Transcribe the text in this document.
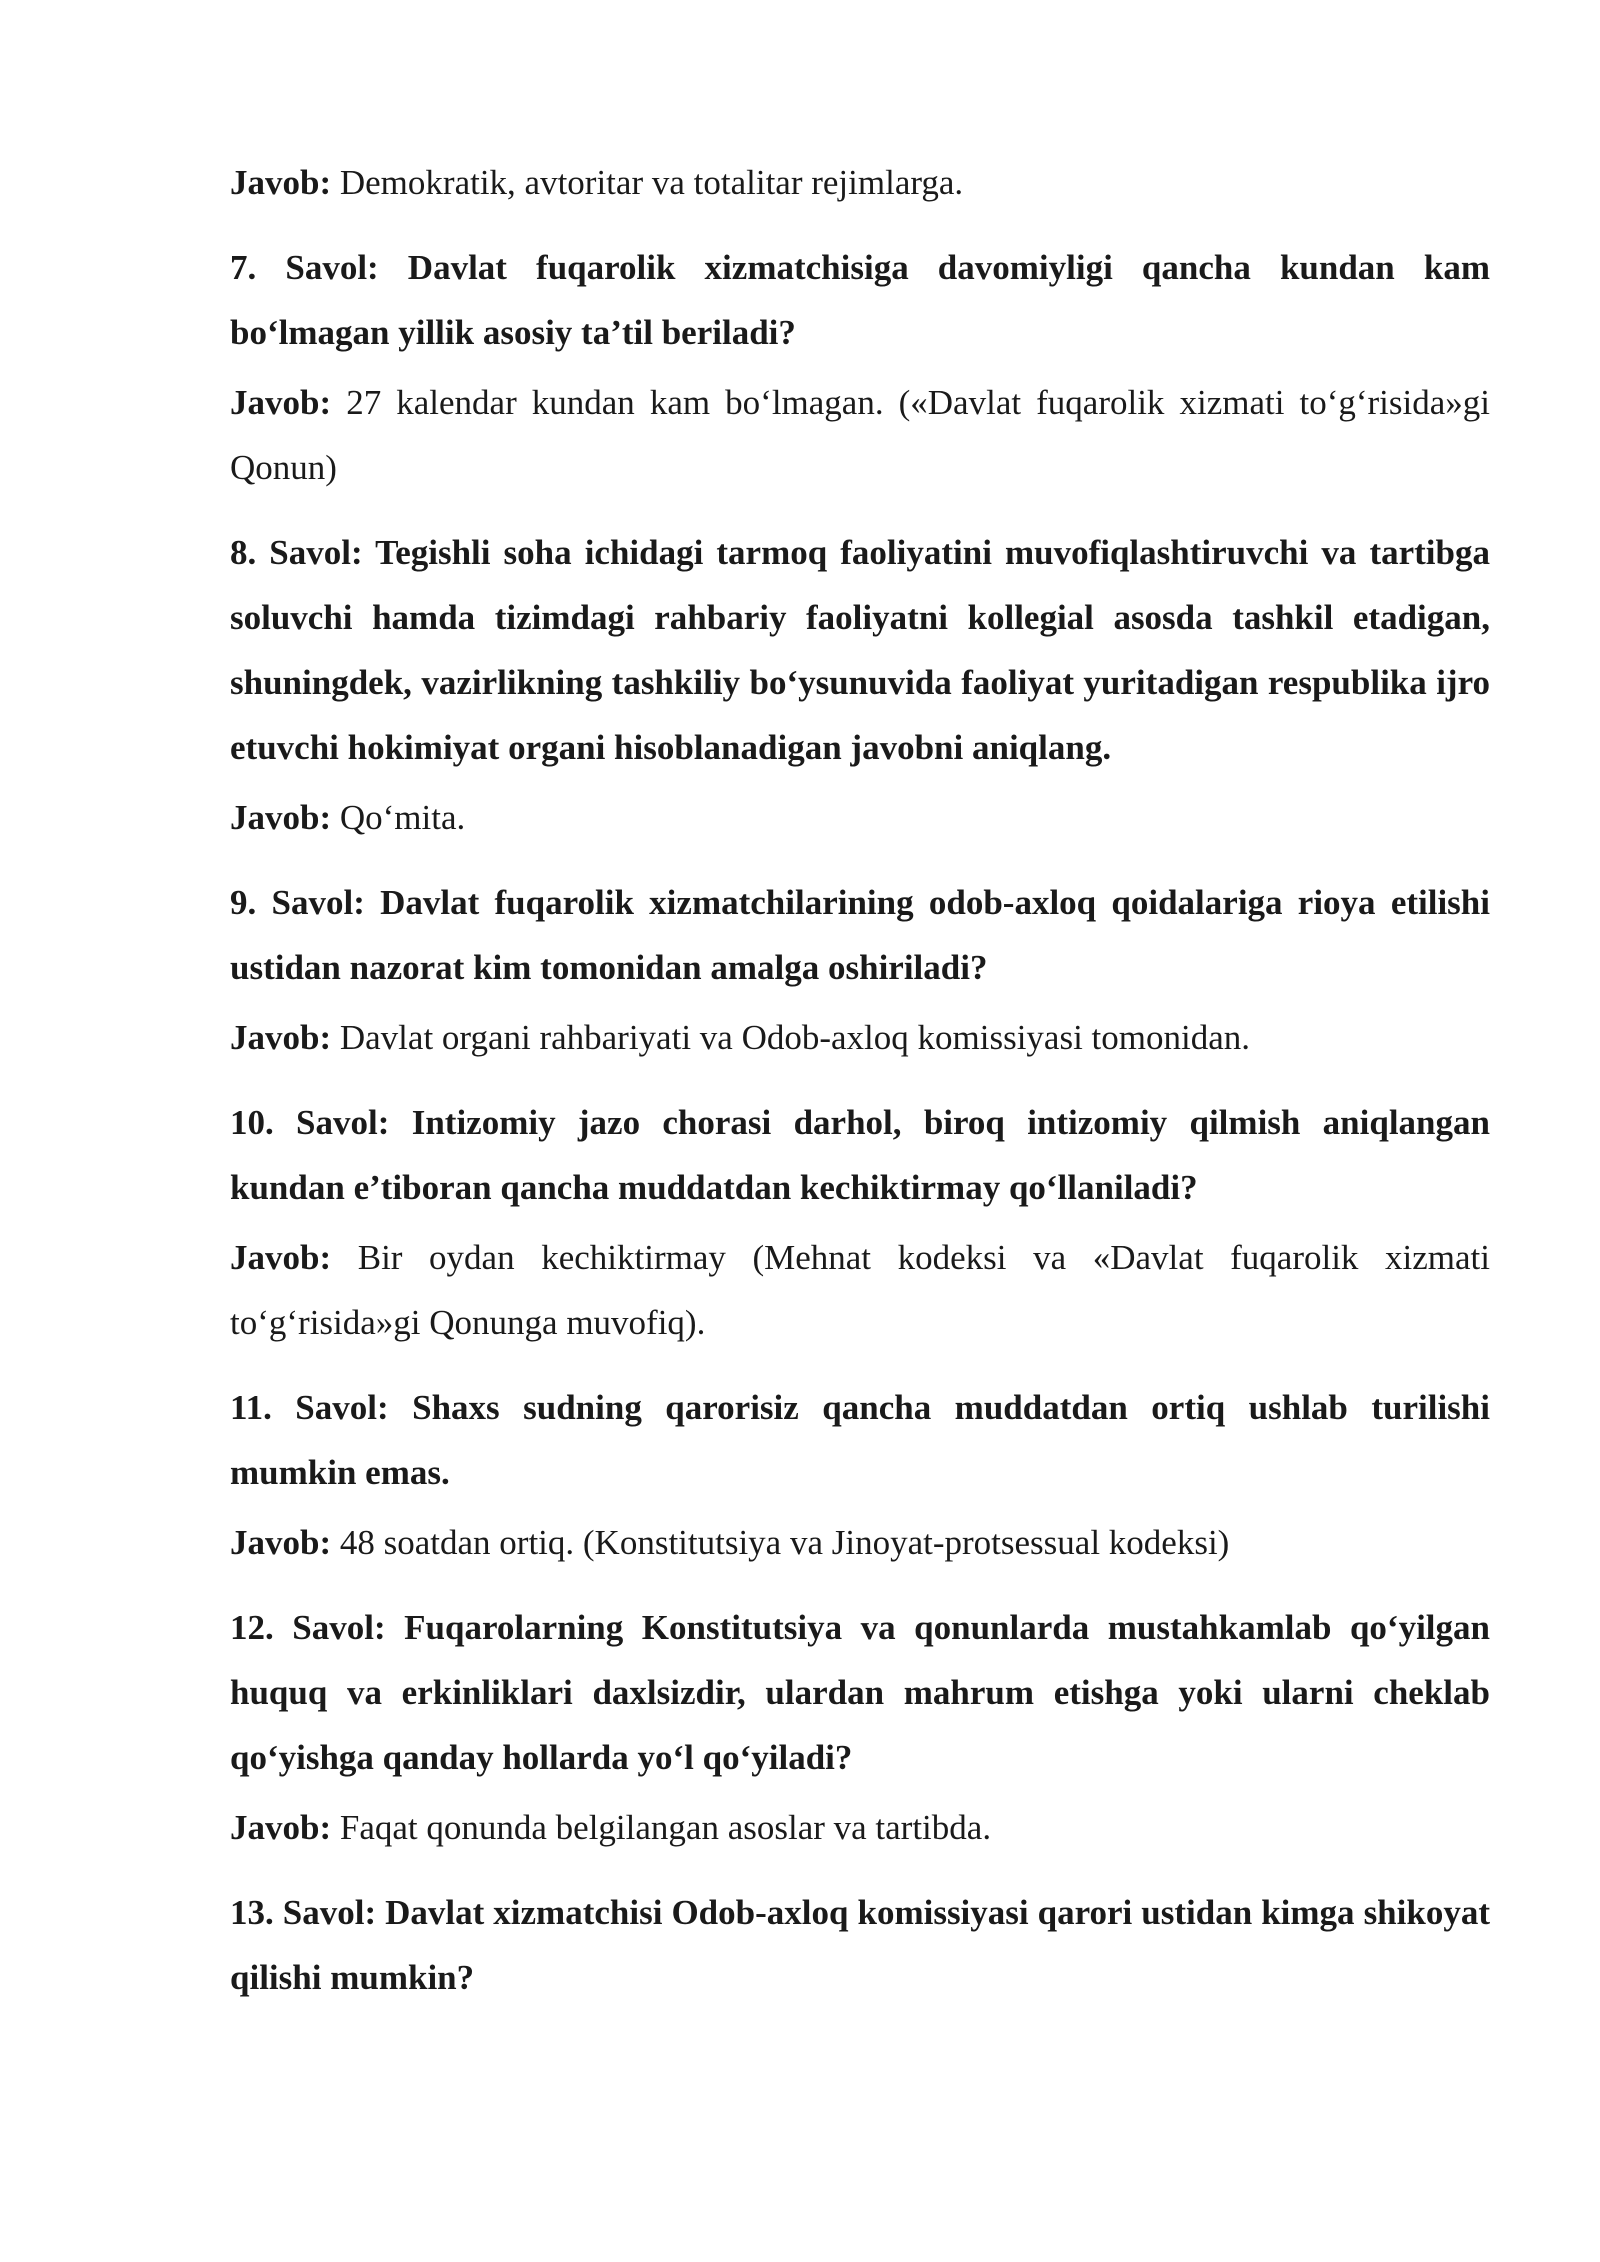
Javob: Demokratik, avtoritar va totalitar rejimlarga.

7. Savol: Davlat fuqarolik xizmatchisiga davomiyligi qancha kundan kam boʻlmagan yillik asosiy ta’til beriladi?

Javob: 27 kalendar kundan kam boʻlmagan. («Davlat fuqarolik xizmati toʻgʻrisida»gi Qonun)

8. Savol: Tegishli soha ichidagi tarmoq faoliyatini muvofiqlashtiruvchi va tartibga soluvchi hamda tizimdagi rahbariy faoliyatni kollegial asosda tashkil etadigan, shuningdek, vazirlikning tashkiliy boʻysunuvida faoliyat yuritadigan respublika ijro etuvchi hokimiyat organi hisoblanadigan javobni aniqlang.

Javob: Qoʻmita.

9. Savol: Davlat fuqarolik xizmatchilarining odob-axloq qoidalariga rioya etilishi ustidan nazorat kim tomonidan amalga oshiriladi?

Javob: Davlat organi rahbariyati va Odob-axloq komissiyasi tomonidan.

10. Savol: Intizomiy jazo chorasi darhol, biroq intizomiy qilmish aniqlangan kundan e’tiboran qancha muddatdan kechiktirmay qoʻllaniladi?

Javob: Bir oydan kechiktirmay (Mehnat kodeksi va «Davlat fuqarolik xizmati toʻgʻrisida»gi Qonunga muvofiq).

11. Savol: Shaxs sudning qarorisiz qancha muddatdan ortiq ushlab turilishi mumkin emas.

Javob: 48 soatdan ortiq. (Konstitutsiya va Jinoyat-protsessual kodeksi)

12. Savol: Fuqarolarning Konstitutsiya va qonunlarda mustahkamlab qoʻyilgan huquq va erkinliklari daxlsizdir, ulardan mahrum etishga yoki ularni cheklab qoʻyishga qanday hollarda yoʻl qoʻyiladi?

Javob: Faqat qonunda belgilangan asoslar va tartibda.

13. Savol: Davlat xizmatchisi Odob-axloq komissiyasi qarori ustidan kimga shikoyat qilishi mumkin?
